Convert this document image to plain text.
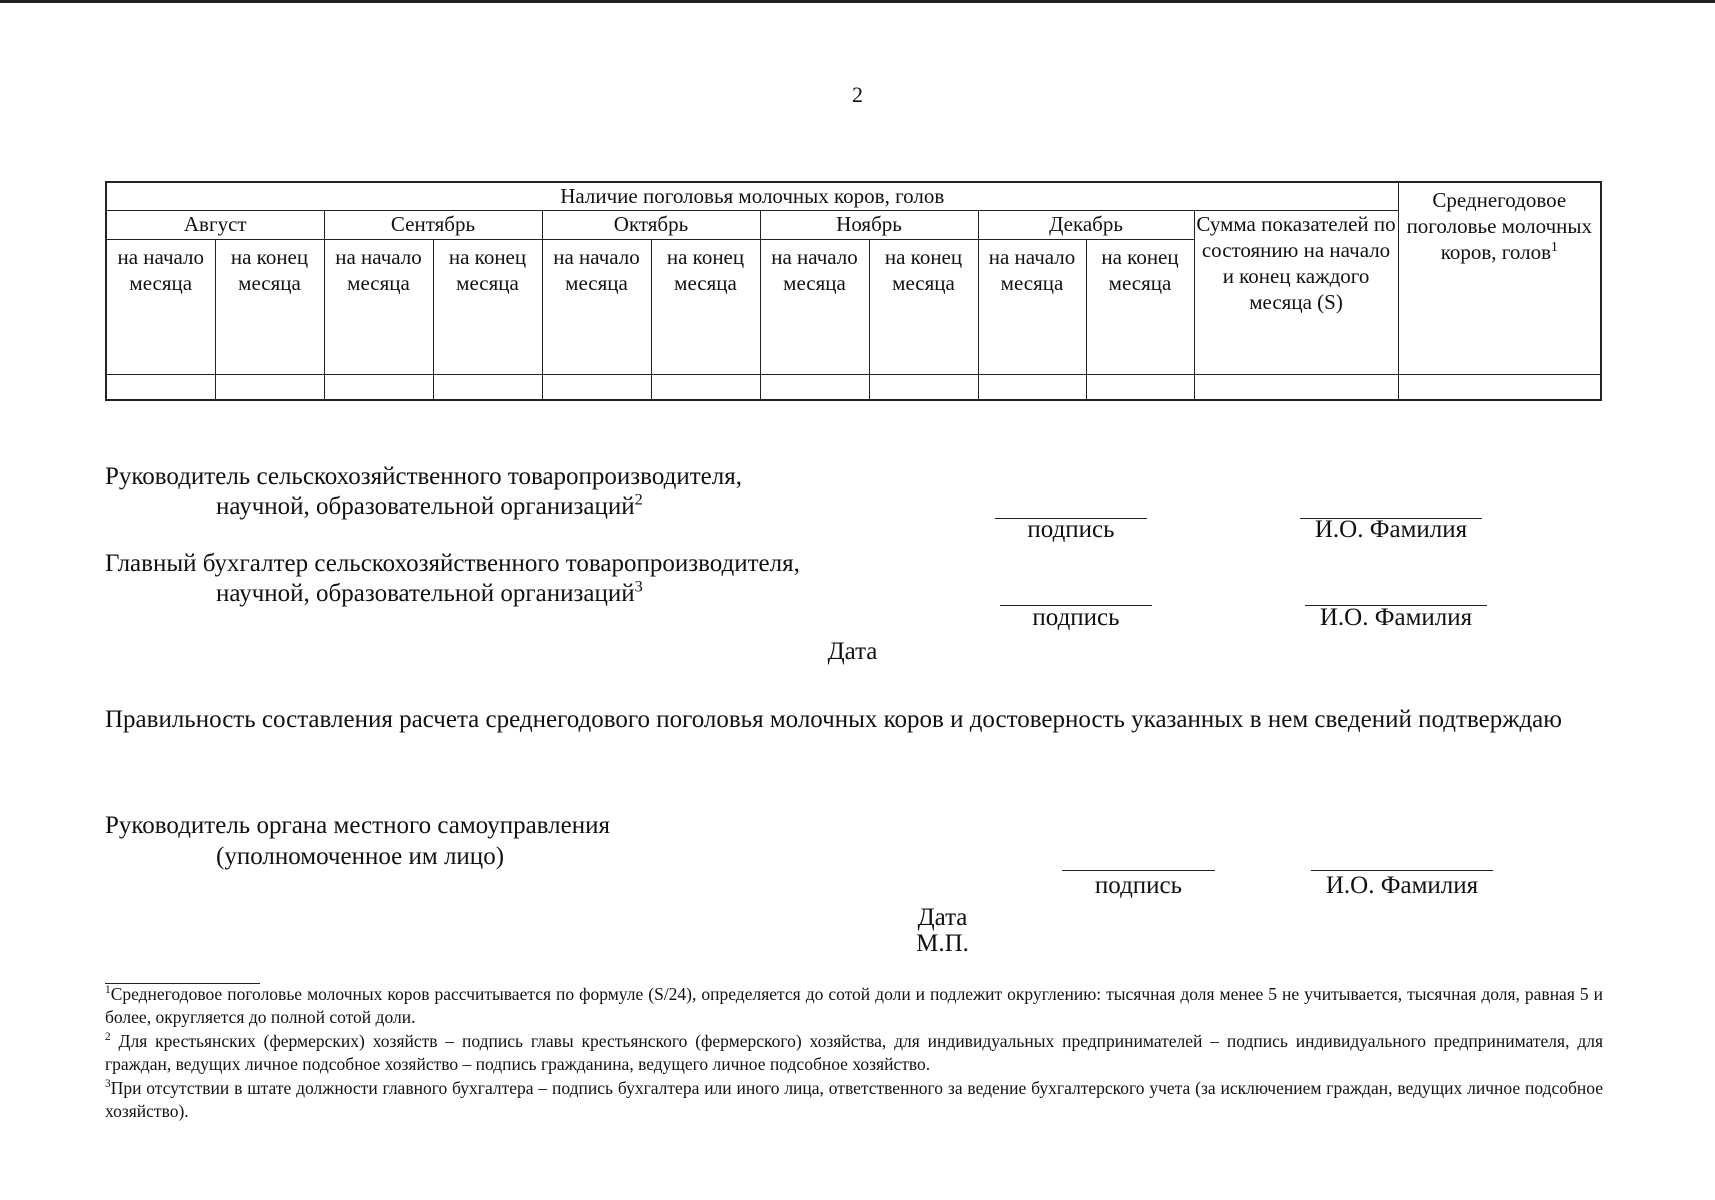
2
Наличие поголовья молочных коров, голов											Среднегодовое поголовье молочных коров, голов$^1$
Август		Сентябрь		Октябрь		Ноябрь		Декабрь		Сумма показателей по состоянию на начало и конец каждого месяца (S)	
на начало месяца	на конец месяца	на начало месяца	на конец месяца	на начало месяца	на конец месяца	на начало месяца	на конец месяца	на начало месяца	на конец месяца		

Руководитель сельскохозяйственного товаропроизводителя,
научной, образовательной организаций$^2$
подпись	И.О. Фамилия
Главный бухгалтер сельскохозяйственного товаропроизводителя,
научной, образовательной организаций$^3$
подпись	И.О. Фамилия
Дата
Правильность составления расчета среднегодового поголовья молочных коров и достоверность указанных в нем сведений подтверждаю
Руководитель органа местного самоуправления
(уполномоченное им лицо)
подпись	И.О. Фамилия
Дата
М.П.
$^1$Среднегодовое поголовье молочных коров рассчитывается по формуле (S/24), определяется до сотой доли и подлежит округлению: тысячная доля менее 5 не учитывается, тысячная доля, равная 5 и более, округляется до полной сотой доли.
$^2$ Для крестьянских (фермерских) хозяйств – подпись главы крестьянского (фермерского) хозяйства, для индивидуальных предпринимателей – подпись индивидуального предпринимателя, для граждан, ведущих личное подсобное хозяйство – подпись гражданина, ведущего личное подсобное хозяйство.
$^3$При отсутствии в штате должности главного бухгалтера – подпись бухгалтера или иного лица, ответственного за ведение бухгалтерского учета (за исключением граждан, ведущих личное подсобное хозяйство).
